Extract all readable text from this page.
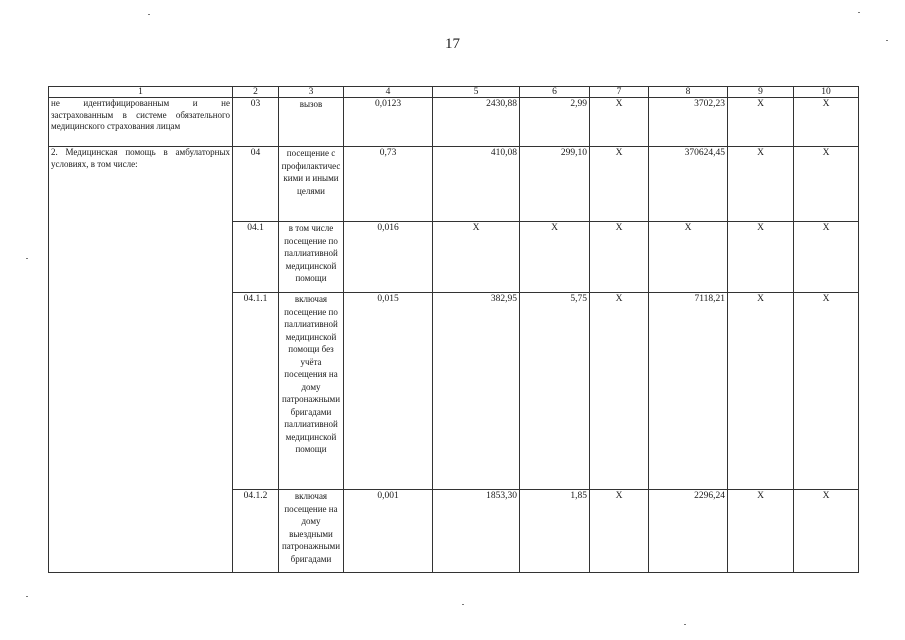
17
1	2	3	4	5	6	7	8	9	10
не идентифицированным и не застрахованным в системе обязательного медицинского страхования лицам	03	вызов	0,0123	2430,88	2,99	Х	3702,23	Х	Х
2. Медицинская помощь в амбулаторных условиях, в том числе:	04	посещение с профилактическими и иными целями	0,73	410,08	299,10	Х	370624,45	Х	Х
	04.1	в том числе посещение по паллиативной медицинской помощи	0,016	Х	Х	Х	Х	Х	Х
	04.1.1	включая посещение по паллиативной медицинской помощи без учёта посещения на дому патронажными бригадами паллиативной медицинской помощи	0,015	382,95	5,75	Х	7118,21	Х	Х
	04.1.2	включая посещение на дому выездными патронажными бригадами	0,001	1853,30	1,85	Х	2296,24	Х	Х
